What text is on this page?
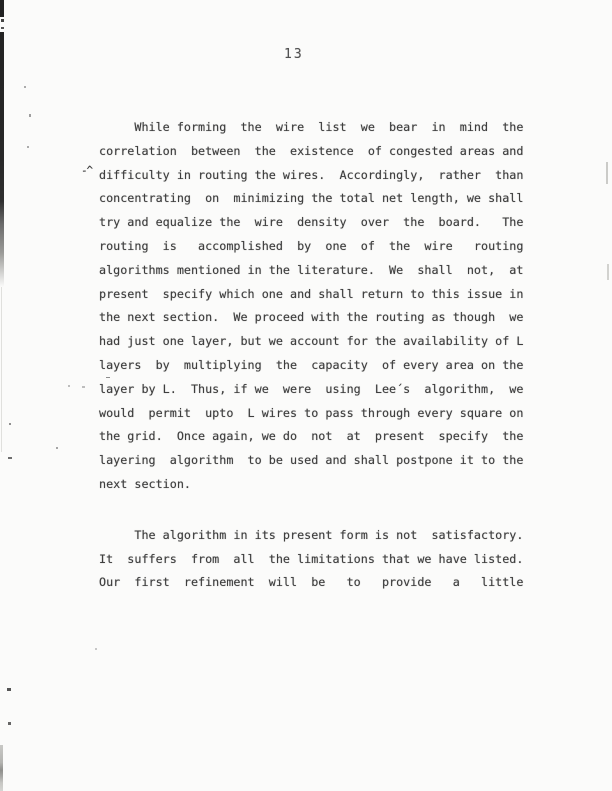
13
-^
While forming  the  wire  list  we  bear  in  mind  the
correlation  between  the  existence  of congested areas and
difficulty in routing the wires.  Accordingly,  rather  than
concentrating  on  minimizing the total net length, we shall
try and equalize the  wire  density  over  the  board.   The
routing  is   accomplished  by  one  of  the  wire   routing
algorithms mentioned in the literature.  We  shall  not,  at
present  specify which one and shall return to this issue in
the next section.  We proceed with the routing as though  we
had just one layer, but we account for the availability of L
layers  by  multiplying  the  capacity  of every area on the
layer by L.  Thus, if we  were  using  Lee´s  algorithm,  we
would  permit  upto  L wires to pass through every square on
the grid.  Once again, we do  not  at  present  specify  the
layering  algorithm  to be used and shall postpone it to the
next section.
The algorithm in its present form is not  satisfactory.
It  suffers  from  all  the limitations that we have listed.
Our  first  refinement  will  be   to   provide   a   little
